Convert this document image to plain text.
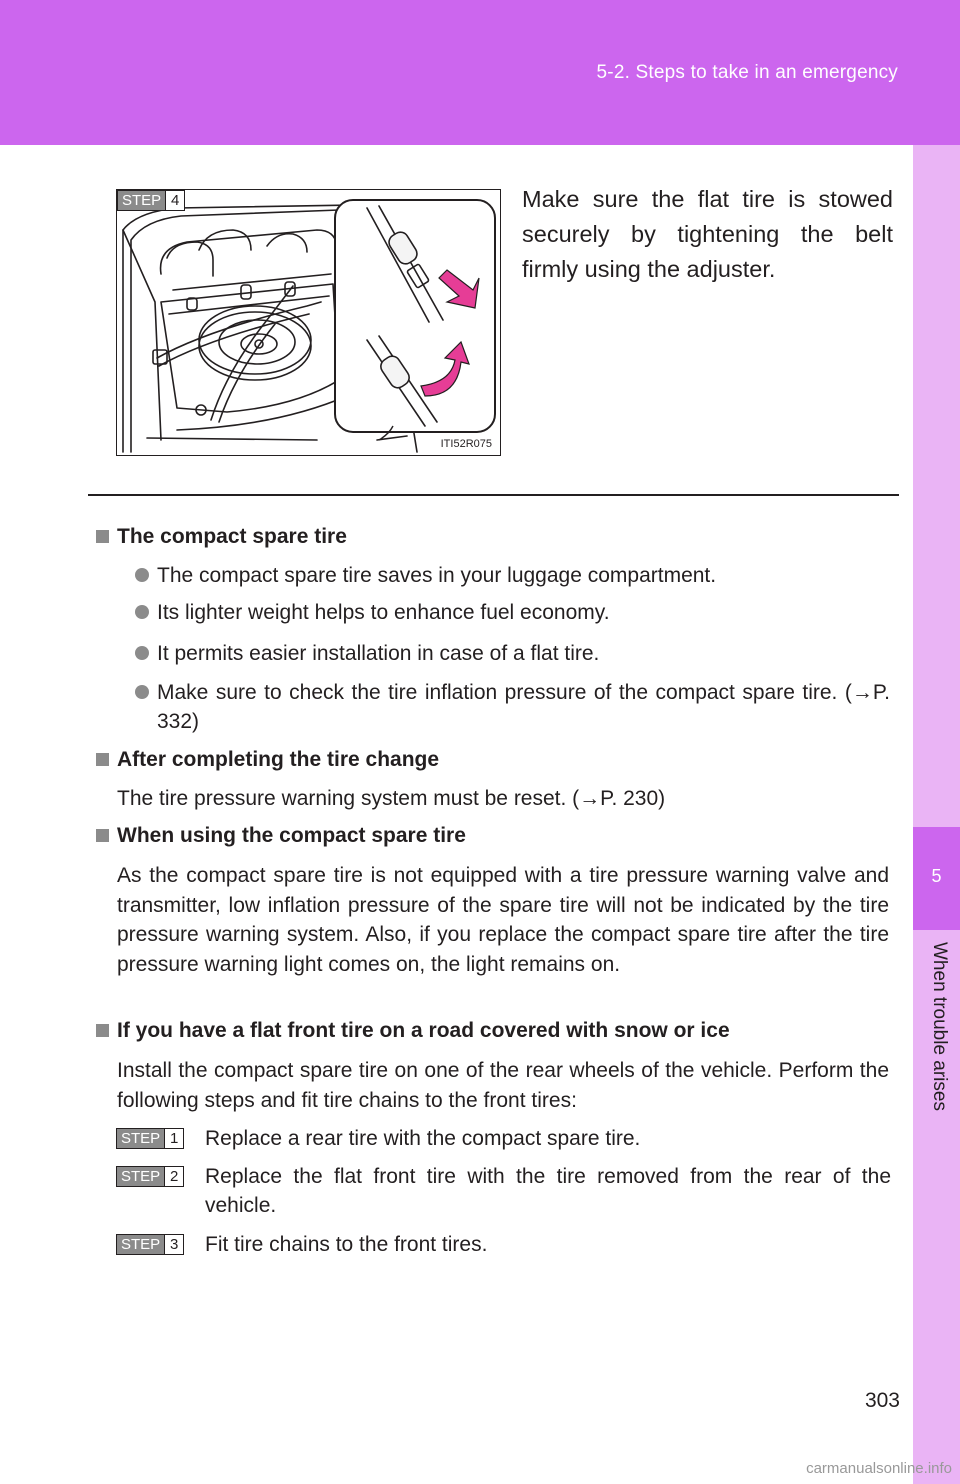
5-2. Steps to take in an emergency
5
When trouble arises
STEP 4
ITI52R075
Make sure the flat tire is stowed securely by tightening the belt firmly using the adjuster.
The compact spare tire
The compact spare tire saves in your luggage compartment.
Its lighter weight helps to enhance fuel economy.
It permits easier installation in case of a flat tire.
Make sure to check the tire inflation pressure of the compact spare tire. (→P. 332)
After completing the tire change
The tire pressure warning system must be reset. (→P. 230)
When using the compact spare tire
As the compact spare tire is not equipped with a tire pressure warning valve and transmitter, low inflation pressure of the spare tire will not be indicated by the tire pressure warning system. Also, if you replace the compact spare tire after the tire pressure warning light comes on, the light remains on.
If you have a flat front tire on a road covered with snow or ice
Install the compact spare tire on one of the rear wheels of the vehicle. Perform the following steps and fit tire chains to the front tires:
STEP 1 Replace a rear tire with the compact spare tire.
STEP 2 Replace the flat front tire with the tire removed from the rear of the vehicle.
STEP 3 Fit tire chains to the front tires.
303
carmanualsonline.info
